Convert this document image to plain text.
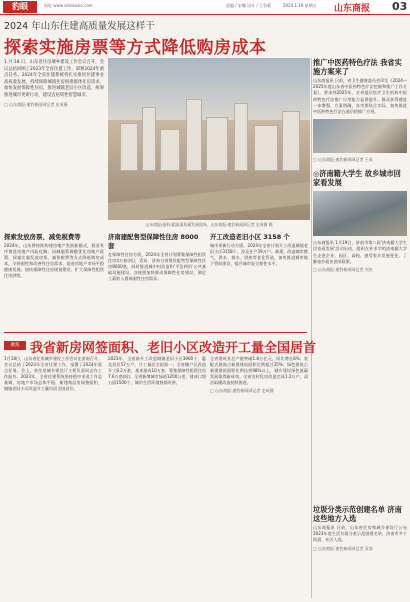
豹眼	网址:www.sdxiaoxie.com	责编 / 宋娜 设计 / 王争莉	2024.1.19 星期五 山东商报 03
2024 年山东住建高质量发展这样干
探索实施房票等方式降低购房成本
1 月 18 日，山东省住房城乡建设工作会议召开，会议总结回顾了2023年全省住建工作，部署2024年重点任务。2024年全省住建系统将扎实推进住建事业高质量发展，持续保障城镇住房困难群体住房需求，加快发展保障性住房，推进城镇老旧小区改造，统筹推进城市更新行动，建设宜居韧性智慧城市。
□ 山东商报·速豹新闻网记者 史成静
山东商报(报料)超高清质量发展现场，山东商报·速豹新闻网记者 史成静 摄
推广中医药特色疗法 我省实施方案来了
山东商报讯 日前，省卫生健康委员会印发《2024—2025年度山东省中医药特色疗法挖掘和推广工作方案》，要求到2025年，全省基层医疗卫生机构中医药特色疗法推广应用能力显著提升，群众获得感进一步增强。方案明确，各市要结合实际，加快推进中医药特色疗法在基层的推广应用。
□ 山东商报·速豹新闻网记者 王成
◎济南籍大学生 故乡城市回家看发展
山东商报讯 1月19日，济南市第八届'济南籍大学生回家看发展'活动启动，组织在外求学的济南籍大学生走进企业、园区、高校，感受家乡发展变化，了解家乡就业创业政策。
□ 山东商报·速豹新闻网记者 刘杰
探索发放房票、减免税费等

2024年，山东将持续构建房地产发展新模式，稳妥有序推进房地产风险化解。因城施策调整优化房地产政策，探索实施发放房票、减免税费等方式降低购房成本，支持刚性和改善性住房需求，促进房地产市场平稳健康发展。加快保障性住房规划建设，扩大保障性租赁住房供给。

济南建配售型保障性住房 8000 套

在保障性住房方面，2024年全省计划筹集保障性租赁住房4万套(间)，青岛、济南分别建设配售型保障性住房8000套，同时推进城中村改造和'平急两用'公共基础设施建设。各地要加快推动保障性住房建设，满足工薪收入群体刚性住房需求。

开工改造老旧小区 3158 个

城市更新行动方面，2024年全省计划开工改造城镇老旧小区3158个、涉及住户39万户。新建、改造城市燃气、供水、排水、供热等老化管道，加快推进城市地下管网建设，提升城市安全韧性水平。

聚焦 我省新房网签面积、老旧小区改造开工量全国居首

1月18日，山东省住房城乡建设工作会议在济南召开。会议总结了2023年全省住建工作，部署了2024年重点任务。会上，省住房城乡建设厅主要负责同志作工作报告。2023年，全省住建系统坚持稳中求进工作总基调，房地产市场总体平稳，新建商品房网签面积、城镇老旧小区改造开工量均居全国首位。

2023年，全省新开工改造城镇老旧小区3900个、惠及居民57万户，开工量居全国第一；全省棚户区改造开工8.2万套，基本建成10万套；筹集保障性租赁住房7.6万套(间)。全省新增城市绿道1200公里，建成口袋公园1500个，城市生活环境持续改善。

全省建筑业总产值突破1.8万亿元，同比增长8%；装配式建筑占新建建筑面积比例超过35%；绿色建筑占新建建筑面积比例达到98%以上，城乡建设绿色低碳发展取得新成效。全省农村危房改造完成1.2万户，清洁取暖改造持续推进。

□ 山东商报·速豹新闻网记者 史成静
垃圾分类示范创建名单 济南这些地方入选
山东商报讯 日前，山东省住房和城乡建设厅公布2023年度生活垃圾分类示范创建名单，济南市多个街道、社区入选。
□ 山东商报·速豹新闻网记者 袁涛
